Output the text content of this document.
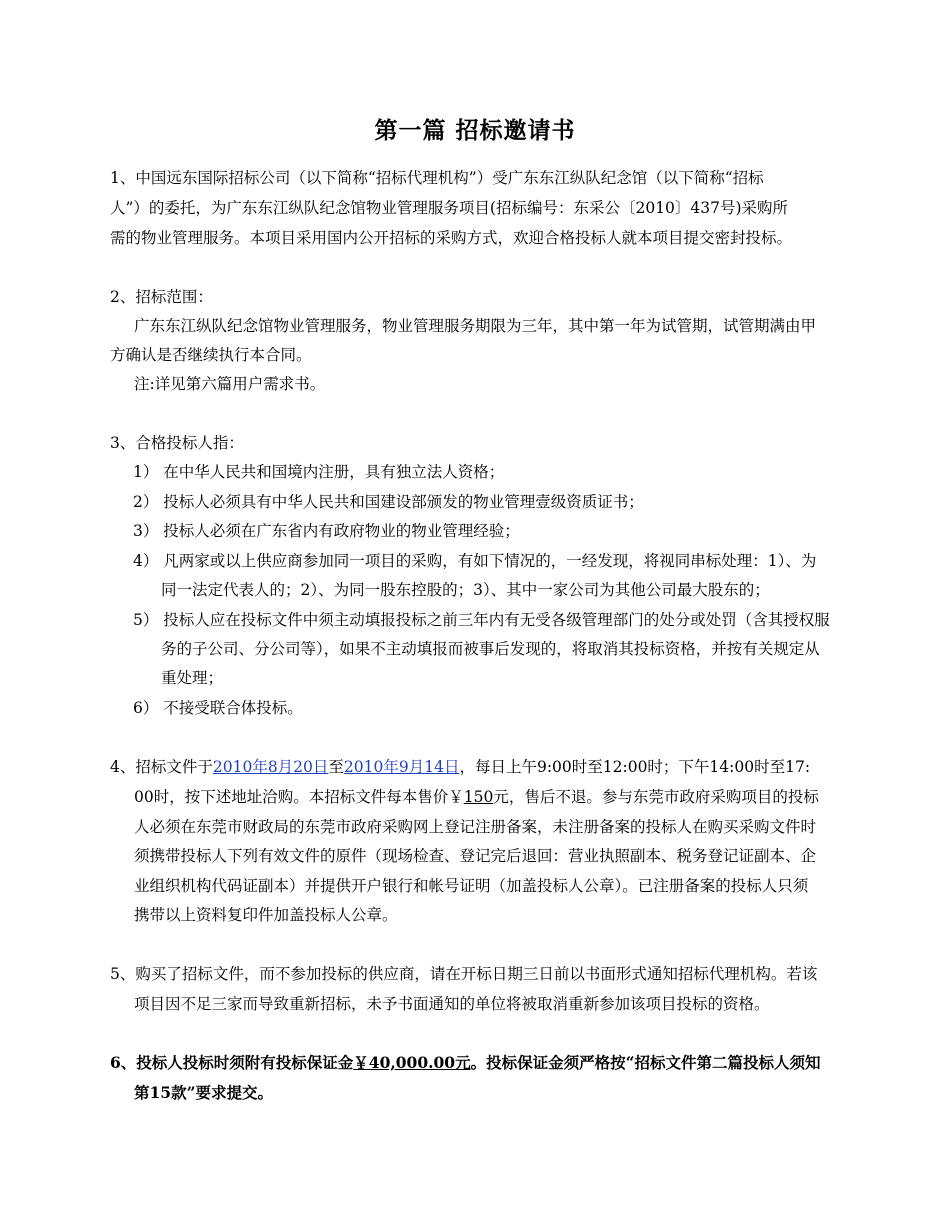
第一篇 招标邀请书
1、中国远东国际招标公司（以下简称“招标代理机构”）受广东东江纵队纪念馆（以下简称“招标
人”）的委托，为广东东江纵队纪念馆物业管理服务项目(招标编号：东采公〔2010〕437号)采购所
需的物业管理服务。本项目采用国内公开招标的采购方式，欢迎合格投标人就本项目提交密封投标。
2、招标范围：
广东东江纵队纪念馆物业管理服务，物业管理服务期限为三年，其中第一年为试管期，试管期满由甲
方确认是否继续执行本合同。
注:详见第六篇用户需求书。
3、合格投标人指：
1） 在中华人民共和国境内注册，具有独立法人资格；
2） 投标人必须具有中华人民共和国建设部颁发的物业管理壹级资质证书；
3） 投标人必须在广东省内有政府物业的物业管理经验；
4） 凡两家或以上供应商参加同一项目的采购，有如下情况的，一经发现，将视同串标处理：1）、为
同一法定代表人的；2）、为同一股东控股的；3）、其中一家公司为其他公司最大股东的；
5） 投标人应在投标文件中须主动填报投标之前三年内有无受各级管理部门的处分或处罚（含其授权服
务的子公司、分公司等），如果不主动填报而被事后发现的，将取消其投标资格，并按有关规定从
重处理；
6） 不接受联合体投标。
4、招标文件于2010年8月20日至2010年9月14日，每日上午9:00时至12:00时；下午14:00时至17:
00时，按下述地址洽购。本招标文件每本售价￥150元，售后不退。参与东莞市政府采购项目的投标
人必须在东莞市财政局的东莞市政府采购网上登记注册备案，未注册备案的投标人在购买采购文件时
须携带投标人下列有效文件的原件（现场检查、登记完后退回：营业执照副本、税务登记证副本、企
业组织机构代码证副本）并提供开户银行和帐号证明（加盖投标人公章）。已注册备案的投标人只须
携带以上资料复印件加盖投标人公章。
5、购买了招标文件，而不参加投标的供应商，请在开标日期三日前以书面形式通知招标代理机构。若该
项目因不足三家而导致重新招标，未予书面通知的单位将被取消重新参加该项目投标的资格。
6、投标人投标时须附有投标保证金￥40,000.00元。投标保证金须严格按“招标文件第二篇投标人须知
第15款”要求提交。
